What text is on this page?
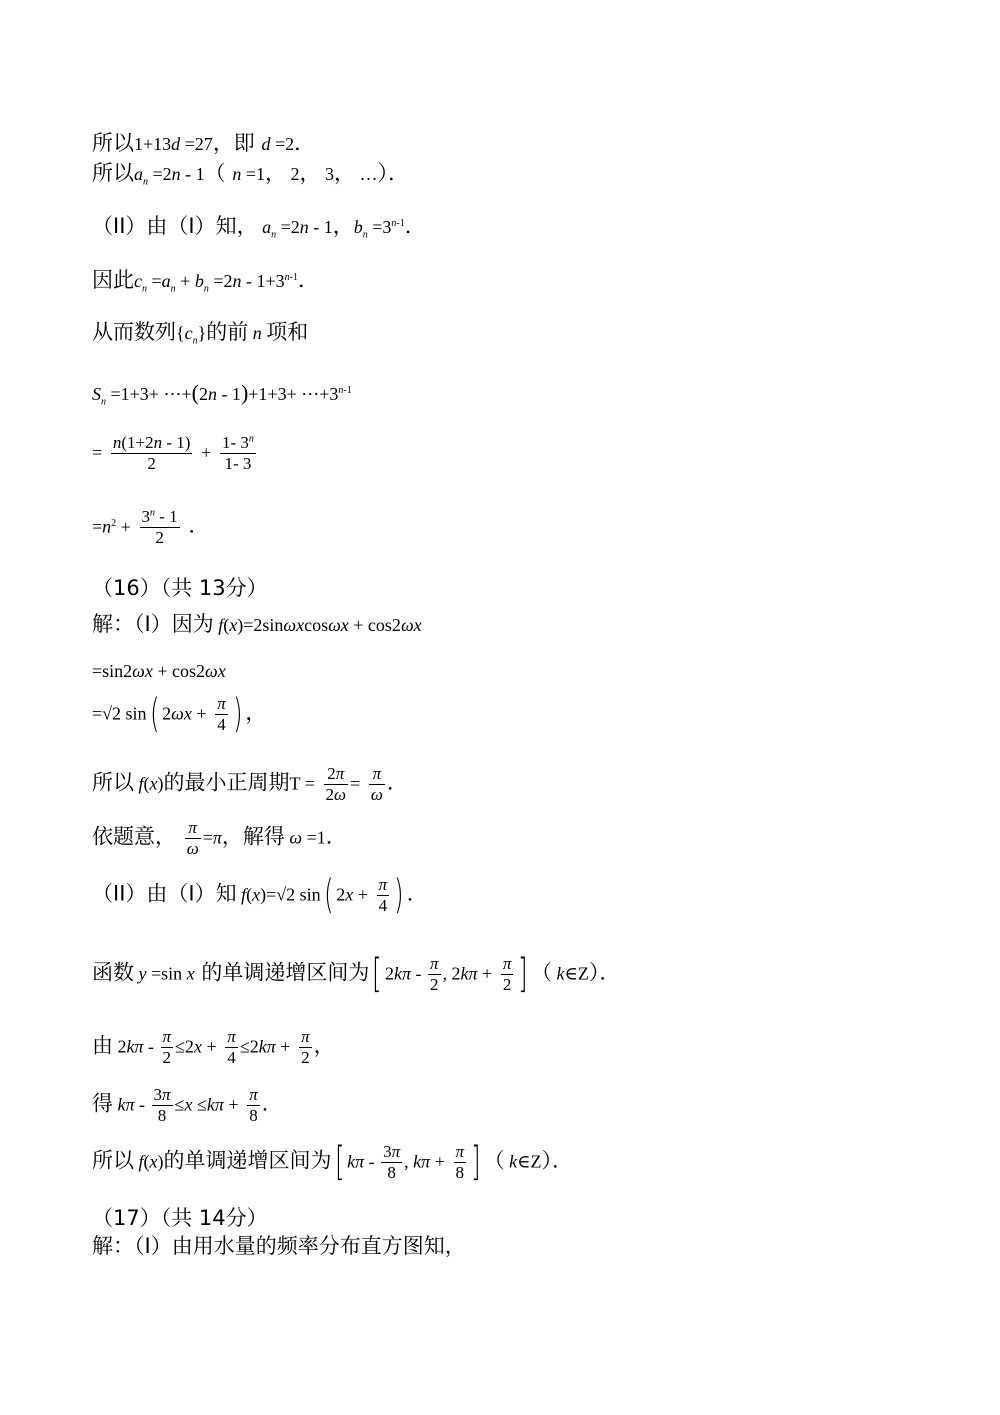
所以1+13d =27，即 d =2．
所以$a_n =2n - 1$（ n =1， 2， 3， …）．
（II）由（I）知， $a_n =2n - 1$，$b_n =3^{n-1}$．
因此$c_n =a_n + b_n =2n - 1+3^{n-1}$．
从而数列$\{c_n\}$的前 n 项和
$S_n =1+3+$ ⋯+(2n - $1)+1+3+ \cdots+3^{n-1}$
= $\frac{n(1+2n - 1)}{2} + \frac{1- 3^n}{1- 3}$
$=n^2 + \frac{3^n - 1}{2}$ ．
（16）（共 13分）
解：（I）因为 f(x)=2sinωxcosωx + cos2ωx
=sin2ωx + cos2ωx
=√2 sin( $2\omega x + \frac{\pi}{4}$ ) ，
所以 f(x)的最小正周期$T = \frac{2\pi}{2\omega} = \frac{\pi}{\omega}$ ．
依题意， $\frac{\pi}{\omega} =\pi$，解得 ω =1．
（II）由（I）知 f(x)=√2 sin( $2x + \frac{\pi}{4}$ ) ．
函数 y =sin x 的单调递增区间为[ $2k\pi - \frac{\pi}{2}$ , $2k\pi + \frac{\pi}{2}$ ] （ k∈Z）．
由 $2k\pi - \frac{\pi}{2} \le 2x + \frac{\pi}{4} \le 2k\pi + \frac{\pi}{2}$ ，
得 $k\pi - \frac{3\pi}{8} \le x \le k\pi + \frac{\pi}{8}$ ．
所以 f(x)的单调递增区间为[ kπ - $\frac{3\pi}{8}$ , $k\pi + \frac{\pi}{8}$ ] （ k∈Z）．
（17）（共 14分）
解：（I）由用水量的频率分布直方图知，
